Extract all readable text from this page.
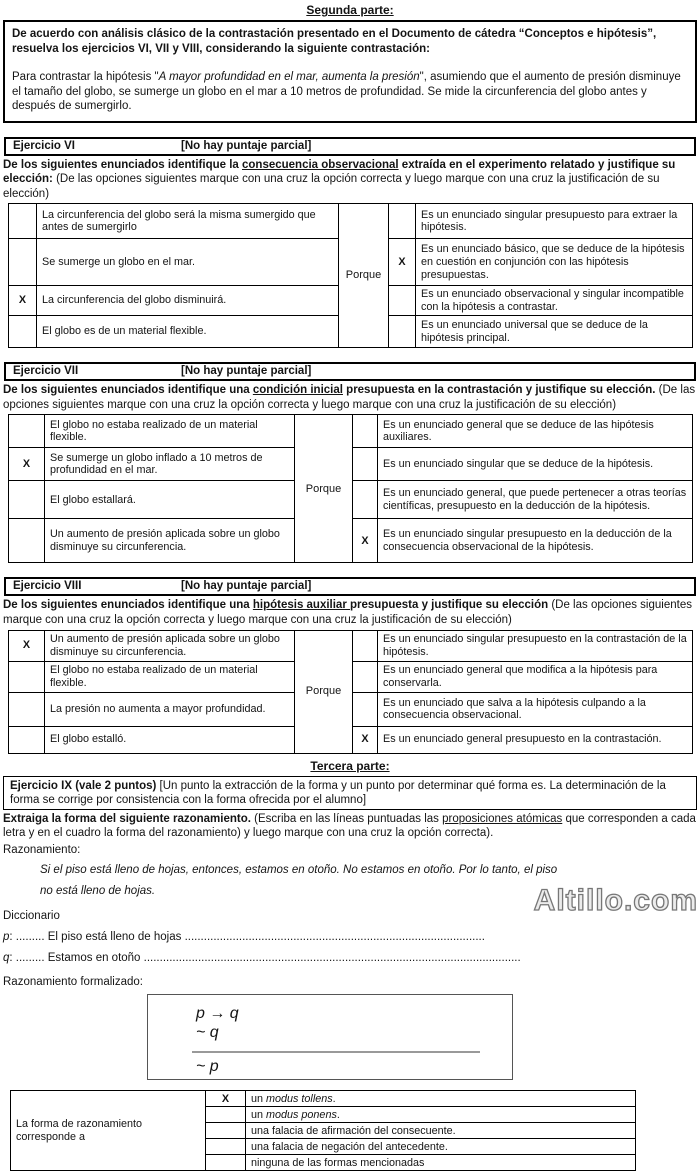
Segunda parte:
De acuerdo con análisis clásico de la contrastación presentado en el Documento de cátedra “Conceptos e hipótesis”, resuelva los ejercicios VI, VII y VIII, considerando la siguiente contrastación:
Para contrastar la hipótesis "A mayor profundidad en el mar, aumenta la presión", asumiendo que el aumento de presión disminuye el tamaño del globo, se sumerge un globo en el mar a 10 metros de profundidad. Se mide la circunferencia del globo antes y después de sumergirlo.
Ejercicio VI	[No hay puntaje parcial]
De los siguientes enunciados identifique la consecuencia observacional extraída en el experimento relatado y justifique su elección: (De las opciones siguientes marque con una cruz la opción correcta y luego marque con una cruz la justificación de su elección)
	La circunferencia del globo será la misma sumergido que antes de sumergirlo	Porque		Es un enunciado singular presupuesto para extraer la hipótesis.
	Se sumerge un globo en el mar.		X	Es un enunciado básico, que se deduce de la hipótesis en cuestión en conjunción con las hipótesis presupuestas.
X	La circunferencia del globo disminuirá.			Es un enunciado observacional y singular incompatible con la hipótesis a contrastar.
	El globo es de un material flexible.			Es un enunciado universal que se deduce de la hipótesis principal.
Ejercicio VII	[No hay puntaje parcial]
De los siguientes enunciados identifique una condición inicial presupuesta en la contrastación y justifique su elección. (De las opciones siguientes marque con una cruz la opción correcta y luego marque con una cruz la justificación de su elección)
	El globo no estaba realizado de un material flexible.	Porque		Es un enunciado general que se deduce de las hipótesis auxiliares.
X	Se sumerge un globo inflado a 10 metros de profundidad en el mar.			Es un enunciado singular que se deduce de la hipótesis.
	El globo estallará.			Es un enunciado general, que puede pertenecer a otras teorías científicas, presupuesto en la deducción de la hipótesis.
	Un aumento de presión aplicada sobre un globo disminuye su circunferencia.		X	Es un enunciado singular presupuesto en la deducción de la consecuencia observacional de la hipótesis.
Ejercicio VIII	[No hay puntaje parcial]
De los siguientes enunciados identifique una hipótesis auxiliar presupuesta y justifique su elección (De las opciones siguientes marque con una cruz la opción correcta y luego marque con una cruz la justificación de su elección)
X	Un aumento de presión aplicada sobre un globo disminuye su circunferencia.	Porque		Es un enunciado singular presupuesto en la contrastación de la hipótesis.
	El globo no estaba realizado de un material flexible.			Es un enunciado general que modifica a la hipótesis para conservarla.
	La presión no aumenta a mayor profundidad.			Es un enunciado que salva a la hipótesis culpando a la consecuencia observacional.
	El globo estalló.		X	Es un enunciado general presupuesto en la contrastación.
Tercera parte:
Ejercicio IX (vale 2 puntos) [Un punto la extracción de la forma y un punto por determinar qué forma es. La determinación de la forma se corrige por consistencia con la forma ofrecida por el alumno]
Extraiga la forma del siguiente razonamiento. (Escriba en las líneas puntuadas las proposiciones atómicas que corresponden a cada letra y en el cuadro la forma del razonamiento) y luego marque con una cruz la opción correcta).
Razonamiento:
Si el piso está lleno de hojas, entonces, estamos en otoño. No estamos en otoño. Por lo tanto, el piso
no está lleno de hojas.
Diccionario
p: ......... El piso está lleno de hojas ..............................................................................................
q: ......... Estamos en otoño ......................................................................................................................
Razonamiento formalizado:
p → q
~ q
~ p
La forma de razonamiento corresponde a	X	un modus tollens.
		un modus ponens.
		una falacia de afirmación del consecuente.
		una falacia de negación del antecedente.
		ninguna de las formas mencionadas
Altillo.com
